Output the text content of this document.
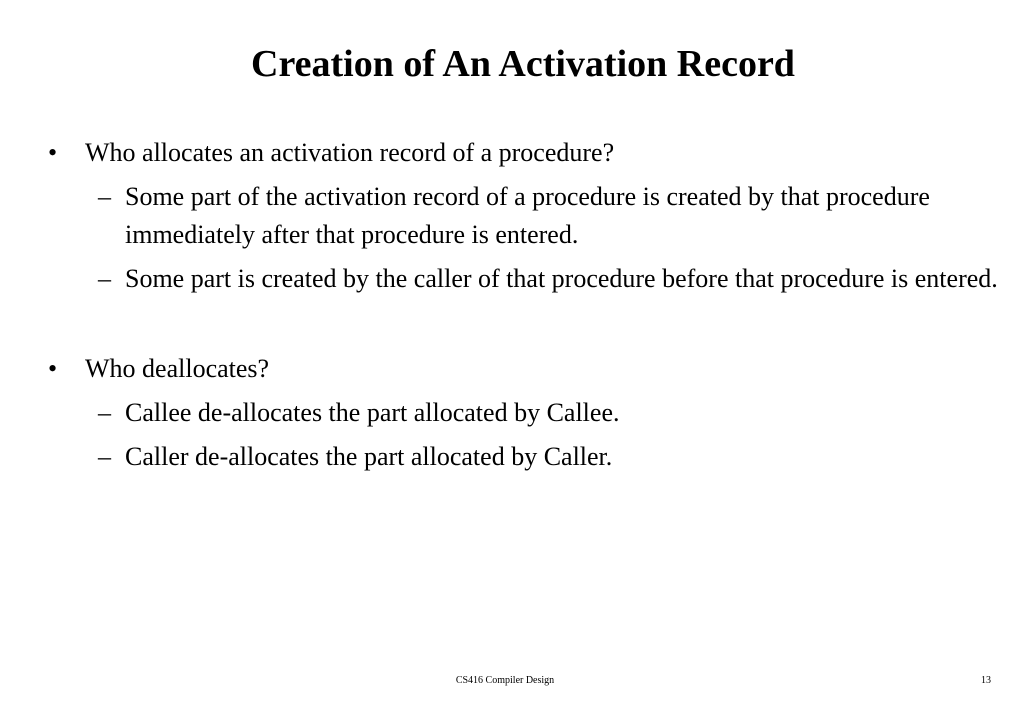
Creation of An Activation Record
• Who allocates an activation record of a procedure?
– Some part of the activation record of a procedure is created by that procedure immediately after that procedure is entered.
– Some part is created by the caller of that procedure before that procedure is entered.
• Who deallocates?
– Callee de-allocates the part allocated by Callee.
– Caller de-allocates the part allocated by Caller.
CS416 Compiler Design	13
